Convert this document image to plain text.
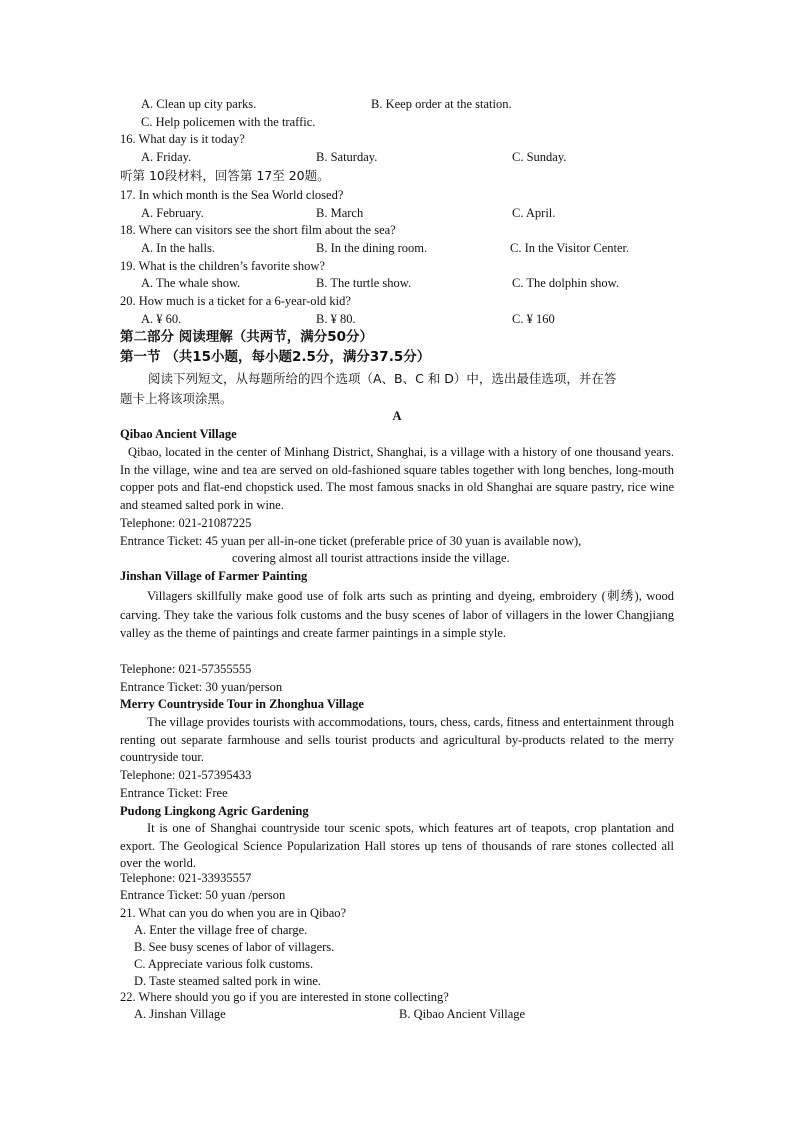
A. Clean up city parks.	B. Keep order at the station.
C. Help policemen with the traffic.
16. What day is it today?
A. Friday.	B. Saturday.	C. Sunday.
听第 10段材料，回答第 17至 20题。
17. In which month is the Sea World closed?
A. February.	B. March	C. April.
18. Where can visitors see the short film about the sea?
A. In the halls.	B. In the dining room.	C. In the Visitor Center.
19. What is the children’s favorite show?
A. The whale show.	B. The turtle show.	C. The dolphin show.
20. How much is a ticket for a 6-year-old kid?
A. ¥ 60.	B. ¥ 80.	C. ¥ 160
第二部分 阅读理解（共两节，满分50分）
第一节 （共15小题，每小题2.5分，满分37.5分）
阅读下列短文，从每题所给的四个选项（A、B、C 和 D）中，选出最佳选项，并在答
题卡上将该项涂黑。
A
Qibao Ancient Village
Qibao, located in the center of Minhang District, Shanghai, is a village with a history of one thousand years. In the village, wine and tea are served on old-fashioned square tables together with long benches, long-mouth copper pots and flat-end chopstick used. The most famous snacks in old Shanghai are square pastry, rice wine and steamed salted pork in wine.
Telephone: 021-21087225
Entrance Ticket: 45 yuan per all-in-one ticket (preferable price of 30 yuan is available now),
covering almost all tourist attractions inside the village.
Jinshan Village of Farmer Painting
Villagers skillfully make good use of folk arts such as printing and dyeing, embroidery (刺绣), wood carving. They take the various folk customs and the busy scenes of labor of villagers in the lower Changjiang valley as the theme of paintings and create farmer paintings in a simple style.
Telephone: 021-57355555
Entrance Ticket: 30 yuan/person
Merry Countryside Tour in Zhonghua Village
The village provides tourists with accommodations, tours, chess, cards, fitness and entertainment through renting out separate farmhouse and sells tourist products and agricultural by-products related to the merry countryside tour.
Telephone: 021-57395433
Entrance Ticket: Free
Pudong Lingkong Agric Gardening
It is one of Shanghai countryside tour scenic spots, which features art of teapots, crop plantation and export. The Geological Science Popularization Hall stores up tens of thousands of rare stones collected all over the world.
Telephone: 021-33935557
Entrance Ticket: 50 yuan /person
21. What can you do when you are in Qibao?
A. Enter the village free of charge.
B. See busy scenes of labor of villagers.
C. Appreciate various folk customs.
D. Taste steamed salted pork in wine.
22. Where should you go if you are interested in stone collecting?
A. Jinshan Village	B. Qibao Ancient Village
